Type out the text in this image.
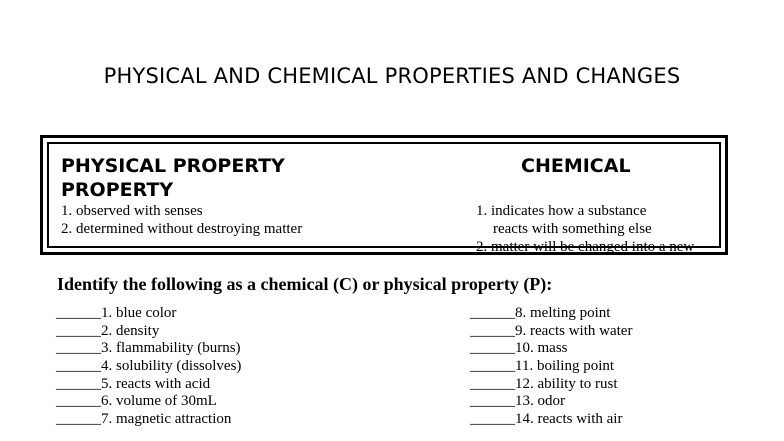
PHYSICAL AND CHEMICAL PROPERTIES AND CHANGES
PHYSICAL PROPERTY	CHEMICAL
PROPERTY
1. observed with senses
2. determined without destroying matter
1. indicates how a substance
reacts with something else
2. matter will be changed into a new
Identify the following as a chemical (C) or physical property (P):
______1. blue color
______2. density
______3. flammability (burns)
______4. solubility (dissolves)
______5. reacts with acid
______6. volume of 30mL
______7. magnetic attraction
______8. melting point
______9. reacts with water
______10. mass
______11. boiling point
______12. ability to rust
______13. odor
______14. reacts with air
